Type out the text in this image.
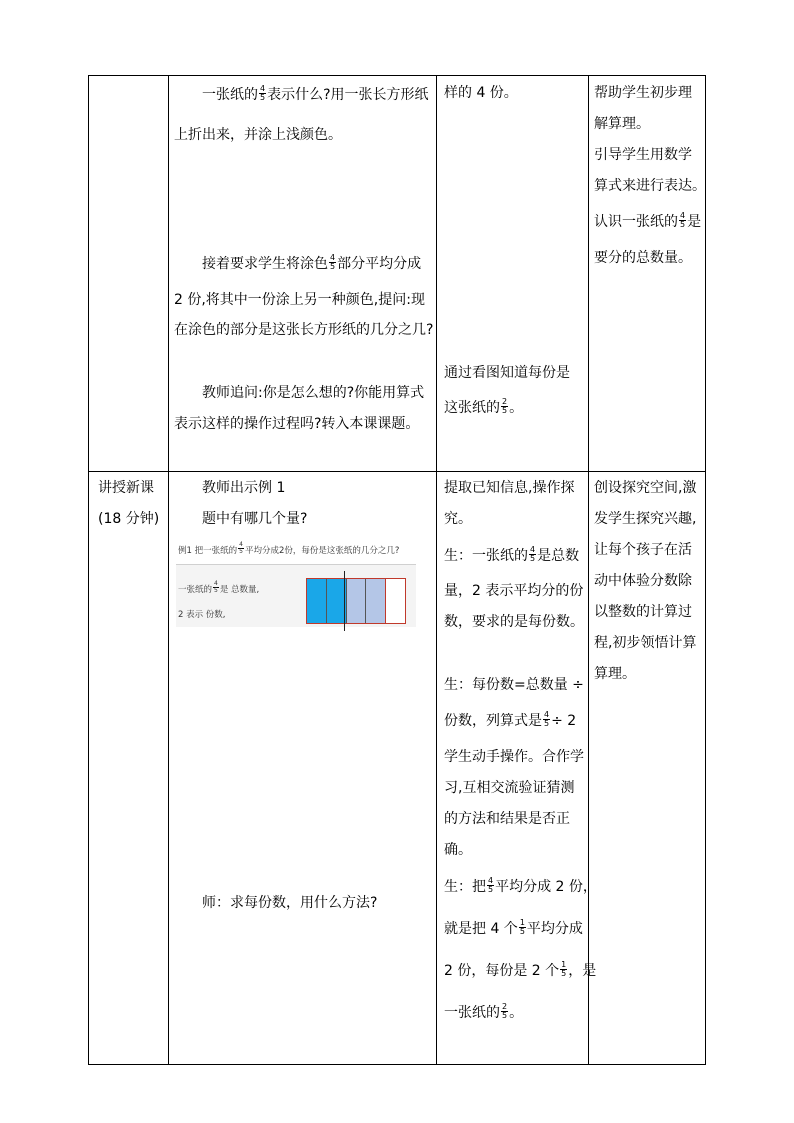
一张纸的 $\frac{4}{5}$ 表示什么?用一张长方形纸
上折出来，并涂上浅颜色。
接着要求学生将涂色 $\frac{4}{5}$ 部分平均分成
2 份,将其中一份涂上另一种颜色,提问:现
在涂色的部分是这张长方形纸的几分之几?
教师追问:你是怎么想的?你能用算式
表示这样的操作过程吗?转入本课课题。
样的 4 份。
通过看图知道每份是
这张纸的 $\frac{2}{5}$ 。
帮助学生初步理
解算理。
引导学生用数学
算式来进行表达。
认识一张纸的 $\frac{4}{5}$ 是
要分的总数量。
讲授新课
(18 分钟)
教师出示例 1
题中有哪几个量?
师：求每份数，用什么方法?
例1 把一张纸的 $\frac{4}{5}$ 平均分成2份，每份是这张纸的几分之几?
一张纸的 $\frac{4}{5}$ 是 总数量,
2 表示 份数,
提取已知信息,操作探
究。
生：一张纸的 $\frac{4}{5}$ 是总数
量，2 表示平均分的份
数，要求的是每份数。
生：每份数=总数量 ÷
份数，列算式是 $\frac{4}{5} \div 2$
学生动手操作。合作学
习,互相交流验证猜测
的方法和结果是否正
确。
生：把 $\frac{4}{5}$ 平均分成 2 份，
就是把 4 个 $\frac{1}{5}$ 平均分成
2 份，每份是 2 个 $\frac{1}{5}$ ，是
一张纸的 $\frac{2}{5}$ 。
创设探究空间,激
发学生探究兴趣,
让每个孩子在活
动中体验分数除
以整数的计算过
程,初步领悟计算
算理。
